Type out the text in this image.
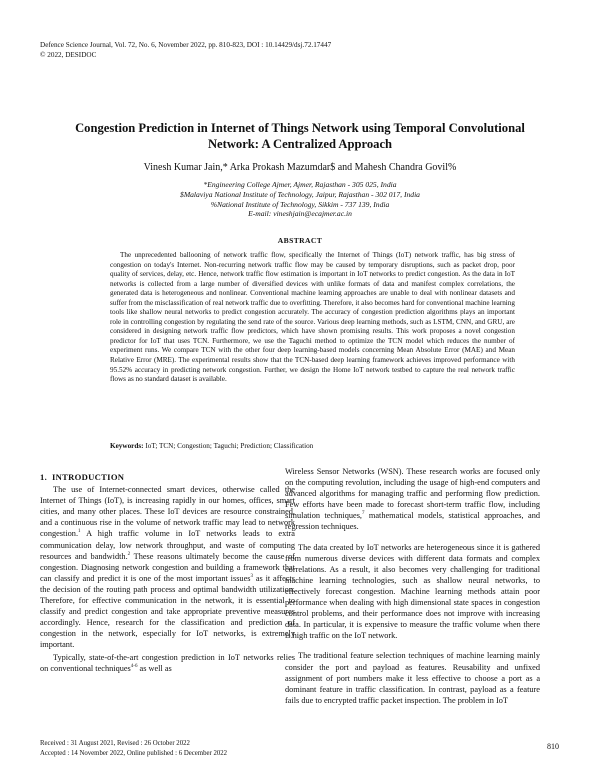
Defence Science Journal, Vol. 72, No. 6, November 2022, pp. 810-823, DOI : 10.14429/dsj.72.17447
© 2022, DESIDOC
Congestion Prediction in Internet of Things Network using Temporal Convolutional
Network: A Centralized Approach
Vinesh Kumar Jain,* Arka Prokash Mazumdar$ and Mahesh Chandra Govil%
*Engineering College Ajmer, Ajmer, Rajasthan - 305 025, India
$Malaviya National Institute of Technology, Jaipur, Rajasthan - 302 017, India
%National Institute of Technology, Sikkim - 737 139, India
E-mail: vineshjain@ecajmer.ac.in
ABSTRACT
The unprecedented ballooning of network traffic flow, specifically the Internet of Things (IoT) network traffic, has big stress of congestion on today's Internet. Non-recurring network traffic flow may be caused by temporary disruptions, such as packet drop, poor quality of services, delay, etc. Hence, network traffic flow estimation is important in IoT networks to predict congestion. As the data in IoT networks is collected from a large number of diversified devices with unlike formats of data and manifest complex correlations, the generated data is heterogeneous and nonlinear. Conventional machine learning approaches are unable to deal with nonlinear datasets and suffer from the misclassification of real network traffic due to overfitting. Therefore, it also becomes hard for conventional machine learning tools like shallow neural networks to predict congestion accurately. The accuracy of congestion prediction algorithms plays an important role in controlling congestion by regulating the send rate of the source. Various deep learning methods, such as LSTM, CNN, and GRU, are considered in designing network traffic flow predictors, which have shown promising results. This work proposes a novel congestion predictor for IoT that uses TCN. Furthermore, we use the Taguchi method to optimize the TCN model which reduces the number of experiment runs. We compare TCN with the other four deep learning-based models concerning Mean Absolute Error (MAE) and Mean Relative Error (MRE). The experimental results show that the TCN-based deep learning framework achieves improved performance with 95.52% accuracy in predicting network congestion. Further, we design the Home IoT network testbed to capture the real network traffic flows as no standard dataset is available.
Keywords: IoT; TCN; Congestion; Taguchi; Prediction; Classification
1. INTRODUCTION

The use of Internet-connected smart devices, otherwise called the Internet of Things (IoT), is increasing rapidly in our homes, offices, smart cities, and many other places. These IoT devices are resource constrained, and a continuous rise in the volume of network traffic may lead to network congestion.$^1$ A high traffic volume in IoT networks leads to extra communication delay, low network throughput, and waste of computing resources and bandwidth.$^2$ These reasons ultimately become the cause of congestion. Diagnosing network congestion and building a framework that can classify and predict it is one of the most important issues$^3$ as it affects the decision of the routing path process and optimal bandwidth utilization. Therefore, for effective communication in the network, it is essential to classify and predict congestion and take appropriate preventive measures accordingly. Hence, research for the classification and prediction of congestion in the network, especially for IoT networks, is extremely important.

Typically, state-of-the-art congestion prediction in IoT networks relies on conventional techniques$^{4-6}$ as well as

Wireless Sensor Networks (WSN). These research works are focused only on the computing revolution, including the usage of high-end computers and advanced algorithms for managing traffic and performing flow prediction. Few efforts have been made to forecast short-term traffic flow, including simulation techniques,$^7$ mathematical models, statistical approaches, and regression techniques.

The data created by IoT networks are heterogeneous since it is gathered from numerous diverse devices with different data formats and complex correlations. As a result, it also becomes very challenging for traditional machine learning technologies, such as shallow neural networks, to effectively forecast congestion. Machine learning methods attain poor performance when dealing with high dimensional state spaces in congestion control problems, and their performance does not improve with increasing data. In particular, it is expensive to measure the traffic volume when there is high traffic on the IoT network.

The traditional feature selection techniques of machine learning mainly consider the port and payload as features. Reusability and unfixed assignment of port numbers make it less effective to choose a port as a dominant feature in traffic classification. In contrast, payload as a feature fails due to encrypted traffic packet inspection. The problem in IoT

Received : 31 August 2021, Revised : 26 October 2022
Accepted : 14 November 2022, Online published : 6 December 2022
810
